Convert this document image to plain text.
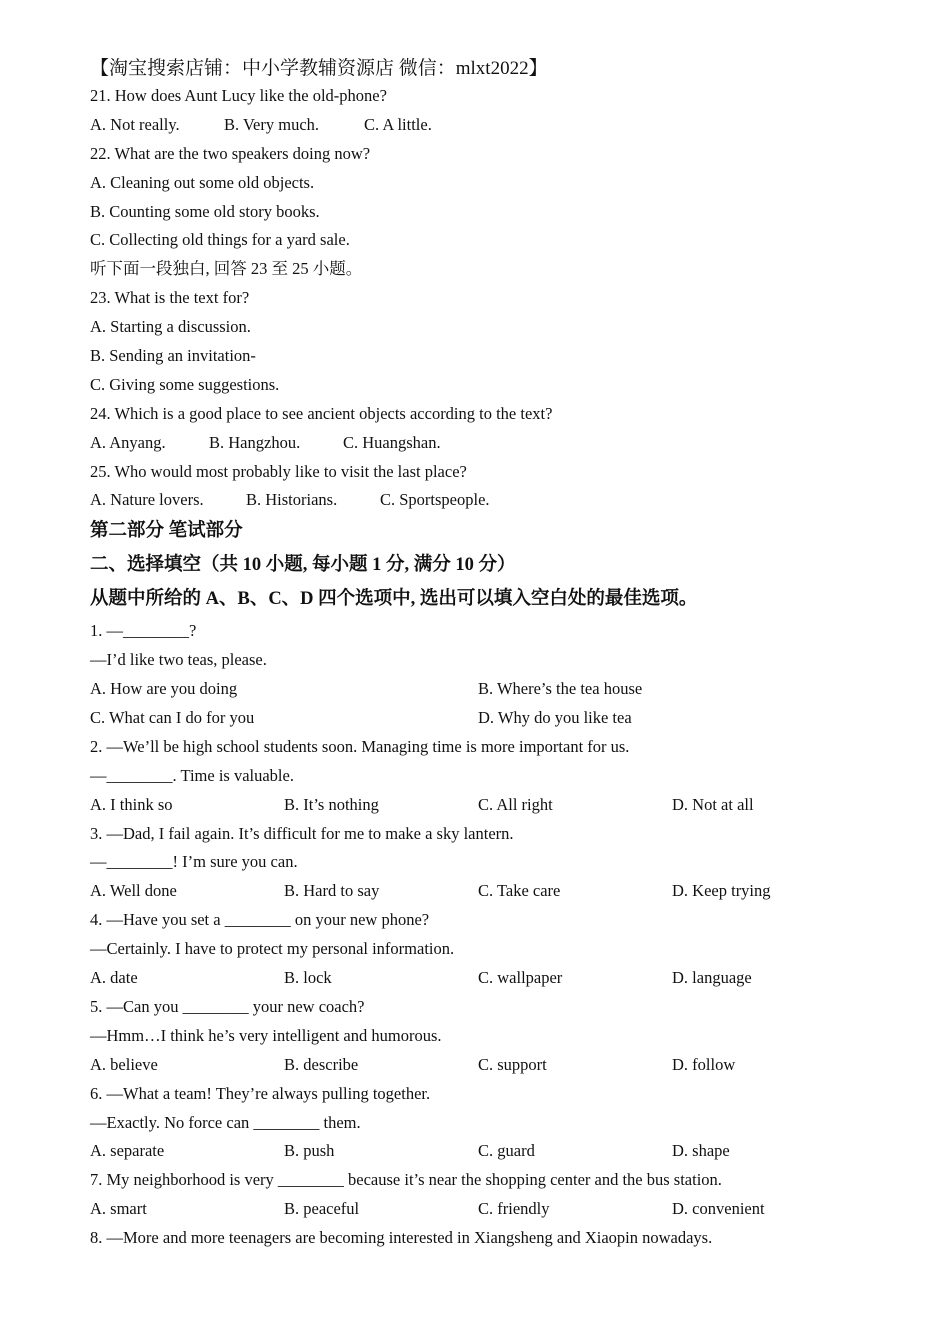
【淘宝搜索店铺：中小学教辅资源店 微信：mlxt2022】
21. How does Aunt Lucy like the old-phone?
A. Not really.	B. Very much.	C. A little.
22. What are the two speakers doing now?
A. Cleaning out some old objects.
B. Counting some old story books.
C. Collecting old things for a yard sale.
听下面一段独白, 回答 23 至 25 小题。
23. What is the text for?
A. Starting a discussion.
B. Sending an invitation-
C. Giving some suggestions.
24. Which is a good place to see ancient objects according to the text?
A. Anyang.	B. Hangzhou.	C. Huangshan.
25. Who would most probably like to visit the last place?
A. Nature lovers.	B. Historians.	C. Sportspeople.
第二部分 笔试部分
二、选择填空（共 10 小题, 每小题 1 分, 满分 10 分）
从题中所给的 A、B、C、D 四个选项中, 选出可以填入空白处的最佳选项。
1. —________?
—I’d like two teas, please.
A. How are you doing	B. Where’s the tea house
C. What can I do for you	D. Why do you like tea
2. —We’ll be high school students soon. Managing time is more important for us.
—________. Time is valuable.
A. I think so	B. It’s nothing	C. All right	D. Not at all
3. —Dad, I fail again. It’s difficult for me to make a sky lantern.
—________! I’m sure you can.
A. Well done	B. Hard to say	C. Take care	D. Keep trying
4. —Have you set a ________ on your new phone?
—Certainly. I have to protect my personal information.
A. date	B. lock	C. wallpaper	D. language
5. —Can you ________ your new coach?
—Hmm…I think he’s very intelligent and humorous.
A. believe	B. describe	C. support	D. follow
6. —What a team! They’re always pulling together.
—Exactly. No force can ________ them.
A. separate	B. push	C. guard	D. shape
7. My neighborhood is very ________ because it’s near the shopping center and the bus station.
A. smart	B. peaceful	C. friendly	D. convenient
8. —More and more teenagers are becoming interested in Xiangsheng and Xiaopin nowadays.
